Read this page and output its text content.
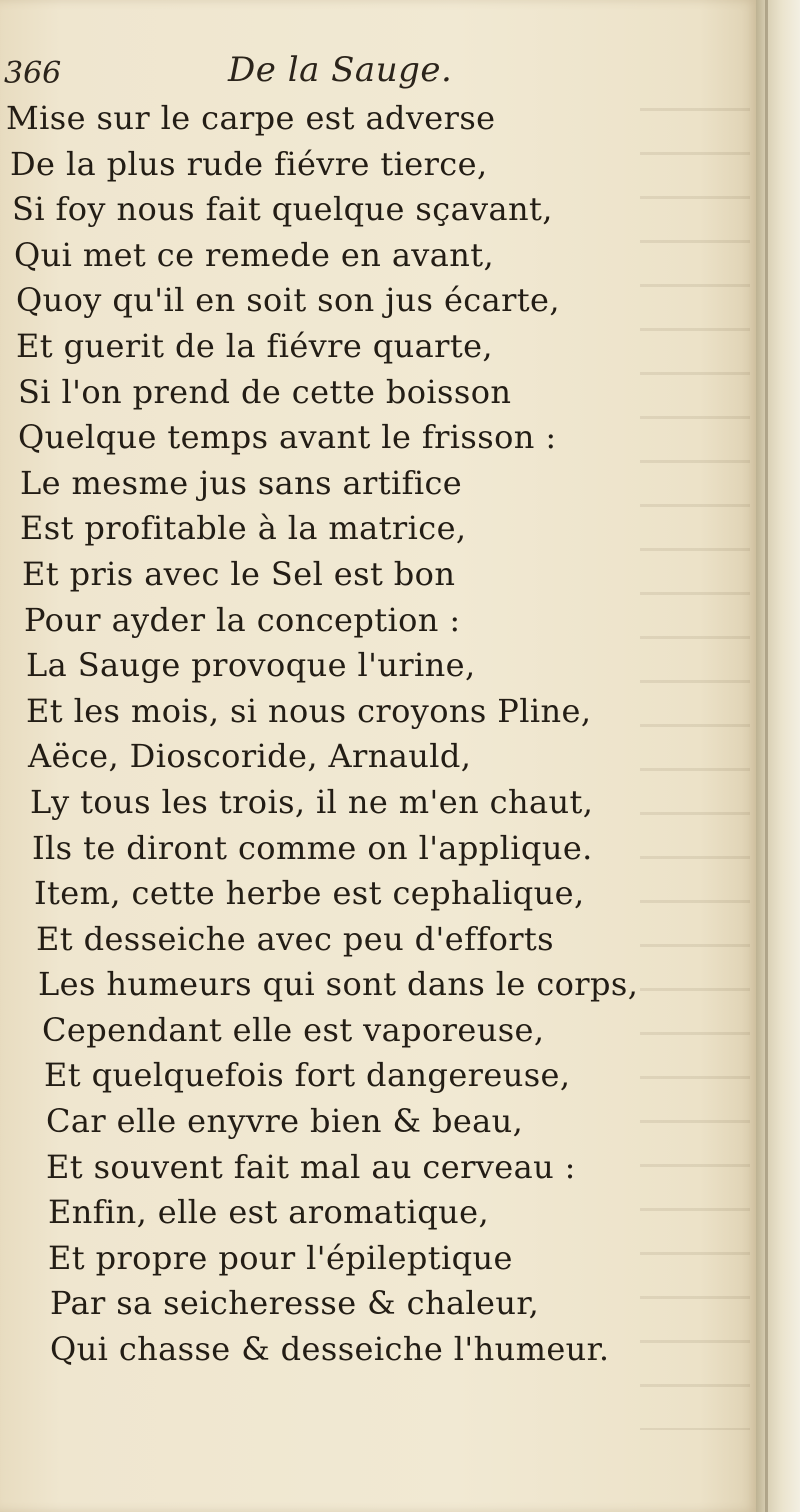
366	De la Sauge.
Mise sur le carpe est adverse
De la plus rude fiévre tierce,
Si foy nous fait quelque sçavant,
Qui met ce remede en avant,
Quoy qu'il en soit son jus écarte,
Et guerit de la fiévre quarte,
Si l'on prend de cette boisson
Quelque temps avant le frisson :
Le mesme jus sans artifice
Est profitable à la matrice,
Et pris avec le Sel est bon
Pour ayder la conception :
La Sauge provoque l'urine,
Et les mois, si nous croyons Pline,
Aëce, Dioscoride, Arnauld,
Ly tous les trois, il ne m'en chaut,
Ils te diront comme on l'applique.
Item, cette herbe est cephalique,
Et desseiche avec peu d'efforts
Les humeurs qui sont dans le corps,
Cependant elle est vaporeuse,
Et quelquefois fort dangereuse,
Car elle enyvre bien & beau,
Et souvent fait mal au cerveau :
Enfin, elle est aromatique,
Et propre pour l'épileptique
Par sa seicheresse & chaleur,
Qui chasse & desseiche l'humeur.
